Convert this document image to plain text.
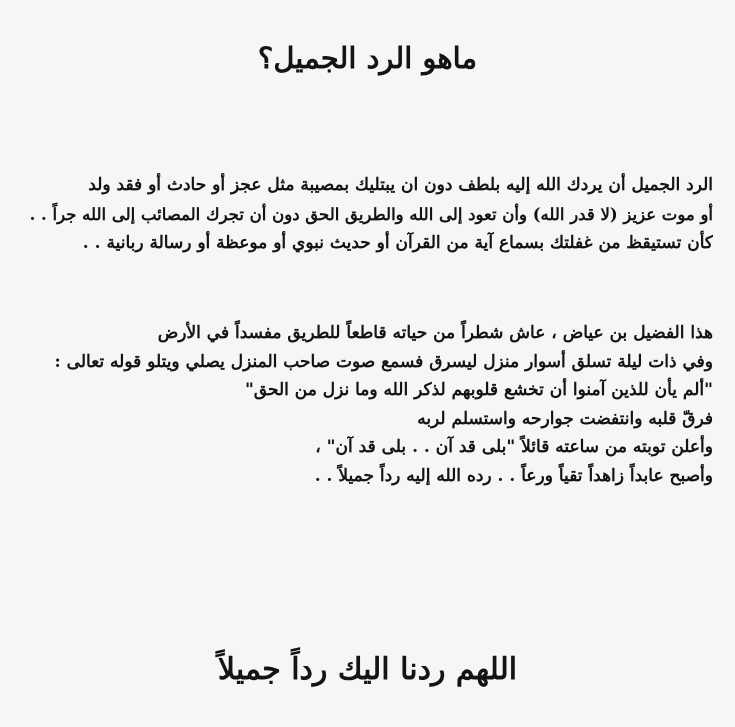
ماهو الرد الجميل؟
الرد الجميل أن يردك الله إليه بلطف دون ان يبتليك بمصيبة مثل عجز أو حادث أو فقد ولد
أو موت عزيز (لا قدر الله) وأن تعود إلى الله والطريق الحق دون أن تجرك المصائب إلى الله جراً . .
كأن تستيقظ من غفلتك بسماع آية من القرآن أو حديث نبوي أو موعظة أو رسالة ربانية . .
هذا الفضيل بن عياض ، عاش شطراً من حياته قاطعاً للطريق مفسداً في الأرض
وفي ذات ليلة تسلق أسوار منزل ليسرق فسمع صوت صاحب المنزل يصلي ويتلو قوله تعالى :
"ألم يأن للذين آمنوا أن تخشع قلوبهم لذكر الله وما نزل من الحق"
فرقّ قلبه وانتفضت جوارحه واستسلم لربه
وأعلن توبته من ساعته قائلاً "بلى قد آن . . بلى قد آن" ،
وأصبح عابداً زاهداً تقياً ورعاً . . رده الله إليه رداً جميلاً . .
اللهم ردنا اليك رداً جميلاً
